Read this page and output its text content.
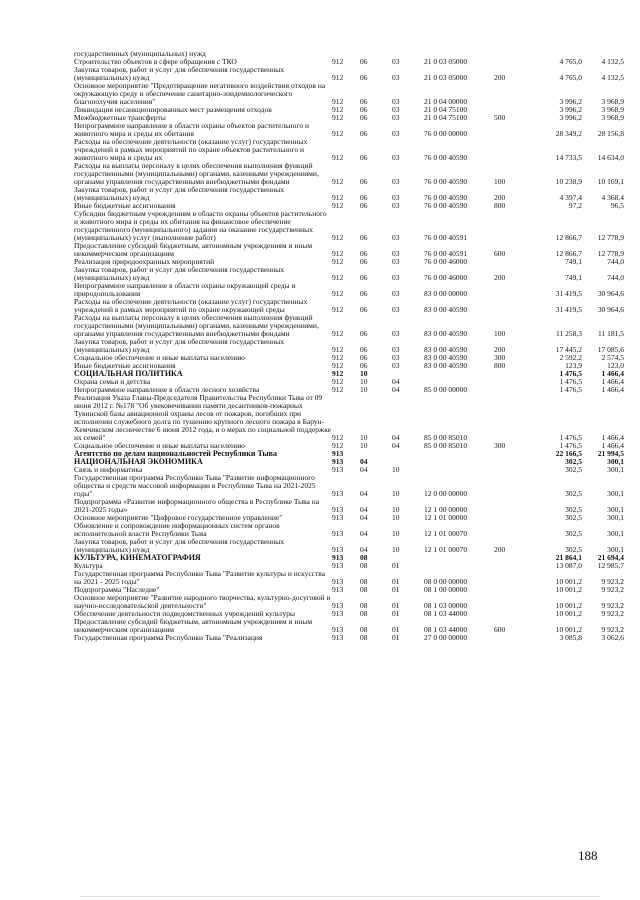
государственных (муниципальных) нужд							
Строительство объектов в сфере обращения с ТКО	912	06	03	21 0 03 05000		4 765,0	4 132,5
Закупка товаров, работ и услуг для обеспечения государственных (муниципальных) нужд	912	06	03	21 0 03 05000	200	4 765,0	4 132,5
Основное мероприятие "Предотвращение негативного воздействия отходов на окружающую среду и обеспечение санитарно-эпидемиологического благополучия населения"	912	06	03	21 0 04 00000		3 996,2	3 968,9
Ликвидация несанкционированных мест размещения отходов	912	06	03	21 0 04 75100		3 996,2	3 968,9
Межбюджетные трансферты	912	06	03	21 0 04 75100	500	3 996,2	3 968,9
Непрограммное направление в области охраны объектов растительного и животного мира и среды их обитания	912	06	03	76 0 00 00000		28 349,2	28 156,8
Расходы на обеспечение деятельности (оказание услуг) государственных учреждений в рамках мероприятий по охране объектов растительного и животного мира и среды их	912	06	03	76 0 00 40590		14 733,5	14 634,0
Расходы на выплаты персоналу в целях обеспечения выполнения функций государственными (муниципальными) органами, казенными учреждениями, органами управления государственными внебюджетными фондами	912	06	03	76 0 00 40590	100	10 238,9	10 169,1
Закупка товаров, работ и услуг для обеспечения государственных (муниципальных) нужд	912	06	03	76 0 00 40590	200	4 397,4	4 368,4
Иные бюджетные ассигнования	912	06	03	76 0 00 40590	800	97,2	96,5
Субсидии бюджетным учреждениям в области охраны объектов растительного и животного мира и среды их обитания на финансовое обеспечение государственного (муниципального) задания на оказание государственных (муниципальных) услуг (выполнение работ)	912	06	03	76 0 00 40591		12 866,7	12 778,9
Предоставление субсидий бюджетным, автономным учреждениям и иным некоммерческим организациям	912	06	03	76 0 00 40591	600	12 866,7	12 778,9
Реализация природоохранных мероприятий	912	06	03	76 0 00 46000		749,1	744,0
Закупка товаров, работ и услуг для обеспечения государственных (муниципальных) нужд	912	06	03	76 0 00 46000	200	749,1	744,0
Непрограммное направление в области охраны окружающей среды и природопользования	912	06	03	83 0 00 00000		31 419,5	30 964,6
Расходы на обеспечение деятельности (оказание услуг) государственных учреждений в рамках мероприятий по охране окружающей среды	912	06	03	83 0 00 40590		31 419,5	30 964,6
Расходы на выплаты персоналу в целях обеспечения выполнения функций государственными (муниципальными) органами, казенными учреждениями, органами управления государственными внебюджетными фондами	912	06	03	83 0 00 40590	100	11 258,3	11 181,5
Закупка товаров, работ и услуг для обеспечения государственных (муниципальных) нужд	912	06	03	83 0 00 40590	200	17 445,2	17 085,6
Социальное обеспечение и иные выплаты населению	912	06	03	83 0 00 40590	300	2 592,2	2 574,5
Иные бюджетные ассигнования	912	06	03	83 0 00 40590	800	123,9	123,0
СОЦИАЛЬНАЯ ПОЛИТИКА	912	10				1 476,5	1 466,4
Охрана семьи и детства	912	10	04			1 476,5	1 466,4
Непрограммное направление в области лесного хозяйства	912	10	04	85 0 00 00000		1 476,5	1 466,4
Реализация Указа Главы-Председателя Правительства Республики Тыва от 09 июня 2012 г. №178 "Об увековечивании памяти десантников-пожарных Тувинской базы авиационной охраны лесов от пожаров, погибших при исполнении служебного долга по тушению крупного лесного пожара в Барун-Хемчикском лесничестве 6 июня 2012 года, и о мерах по социальной поддержке их семей"	912	10	04	85 0 00 85010		1 476,5	1 466,4
Социальное обеспечение и иные выплаты населению	912	10	04	85 0 00 85010	300	1 476,5	1 466,4
Агентство по делам национальностей Республики Тыва	913					22 166,5	21 994,5
НАЦИОНАЛЬНАЯ ЭКОНОМИКА	913	04				302,5	300,1
Связь и информатика	913	04	10			302,5	300,1
Государственная программа Республики Тыва "Развитие информационного общества и средств массовой информации в Республике Тыва на 2021-2025 годы"	913	04	10	12 0 00 00000		302,5	300,1
Подпрограмма «Развитие информационного общества в Республике Тыва на 2021-2025 годы»	913	04	10	12 1 00 00000		302,5	300,1
Основное мероприятие "Цифровое государственное управление"	913	04	10	12 1 01 00000		302,5	300,1
Обновление и сопровождение информационных систем органов исполнительной власти Республики Тыва	913	04	10	12 1 01 00070		302,5	300,1
Закупка товаров, работ и услуг для обеспечения государственных (муниципальных) нужд	913	04	10	12 1 01 00070	200	302,5	300,1
КУЛЬТУРА, КИНЕМАТОГРАФИЯ	913	08				21 864,1	21 694,4
Культура	913	08	01			13 087,0	12 985,7
Государственная программа Республики Тыва "Развитие культуры и искусства на 2021 - 2025 годы"	913	08	01	08 0 00 00000		10 001,2	9 923,2
Подпрограмма "Наследие"	913	08	01	08 1 00 00000		10 001,2	9 923,2
Основное мероприятие "Развитие народного творчества, культурно-досуговой и научно-исследовательской деятельности"	913	08	01	08 1 03 00000		10 001,2	9 923,2
Обеспечение деятельности подведомственных учреждений культуры	913	08	01	08 1 03 44000		10 001,2	9 923,2
Предоставление субсидий бюджетным, автономным учреждениям и иным некоммерческим организациям	913	08	01	08 1 03 44000	600	10 001,2	9 923,2
Государственная программа Республики Тыва "Реализация	913	08	01	27 0 00 00000		3 085,8	3 062,6
188
